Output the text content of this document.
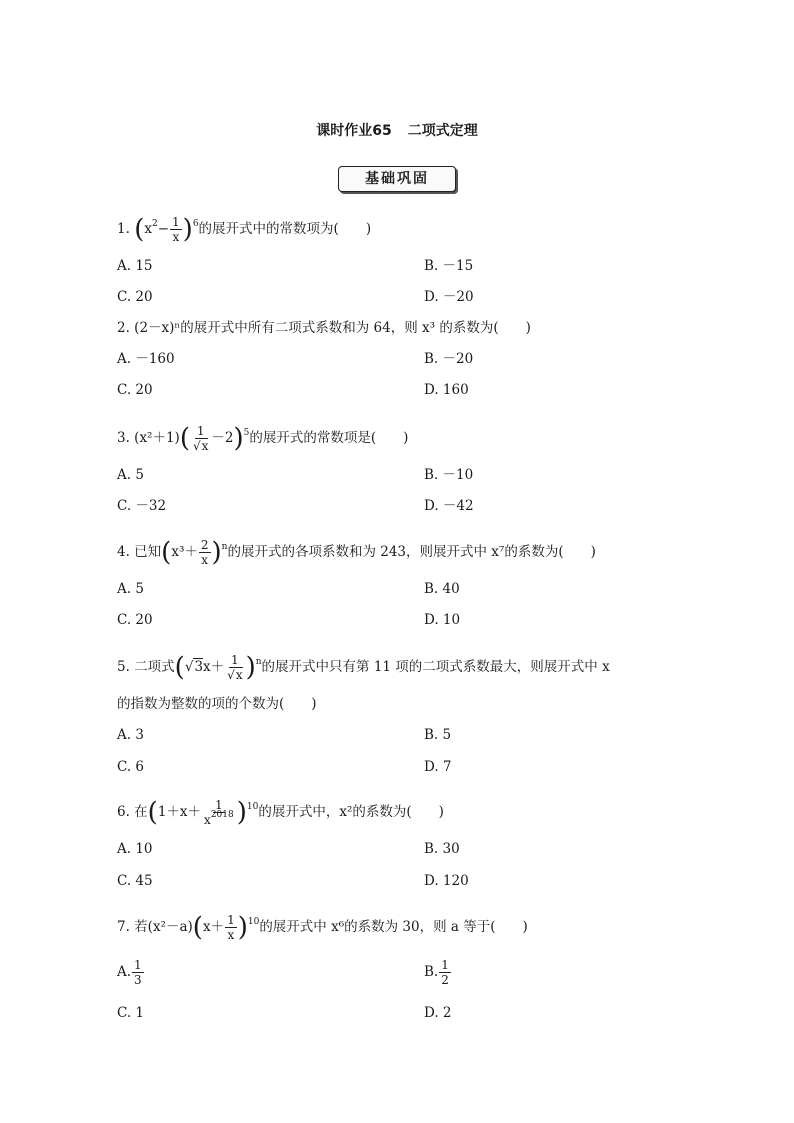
课时作业65 二项式定理
基础巩固
1. $(x^2- \frac{1}{x} )^6$的展开式中的常数项为(　　)
A. 15	B. －15
C. 20	D. －20
2. (2－x)ⁿ的展开式中所有二项式系数和为 64，则 x³ 的系数为(　　)
A. －160	B. －20
C. 20	D. 160
3. $(x^2+1)( \frac{1}{√x} -2)^5$的展开式的常数项是(　　)
A. 5	B. －10
C. －32	D. －42
4. 已知$(x^3+ \frac{2}{x} )^n$的展开式的各项系数和为 243，则展开式中 x⁷的系数为(　　)
A. 5	B. 40
C. 20	D. 10
5. 二项式$(√3x+ \frac{1}{√x} )^n$的展开式中只有第 11 项的二项式系数最大，则展开式中 x
的指数为整数的项的个数为(　　)
A. 3	B. 5
C. 6	D. 7
6. 在$(1+x+ \frac{1}{x^{2018}} )^{10}$的展开式中，x²的系数为(　　)
A. 10	B. 30
C. 45	D. 120
7. 若$(x^2-a)(x+ \frac{1}{x} )^{10}$的展开式中 x⁶的系数为 30，则 a 等于(　　)
A. $\frac{1}{3}$	B. $\frac{1}{2}$
C. 1	D. 2
